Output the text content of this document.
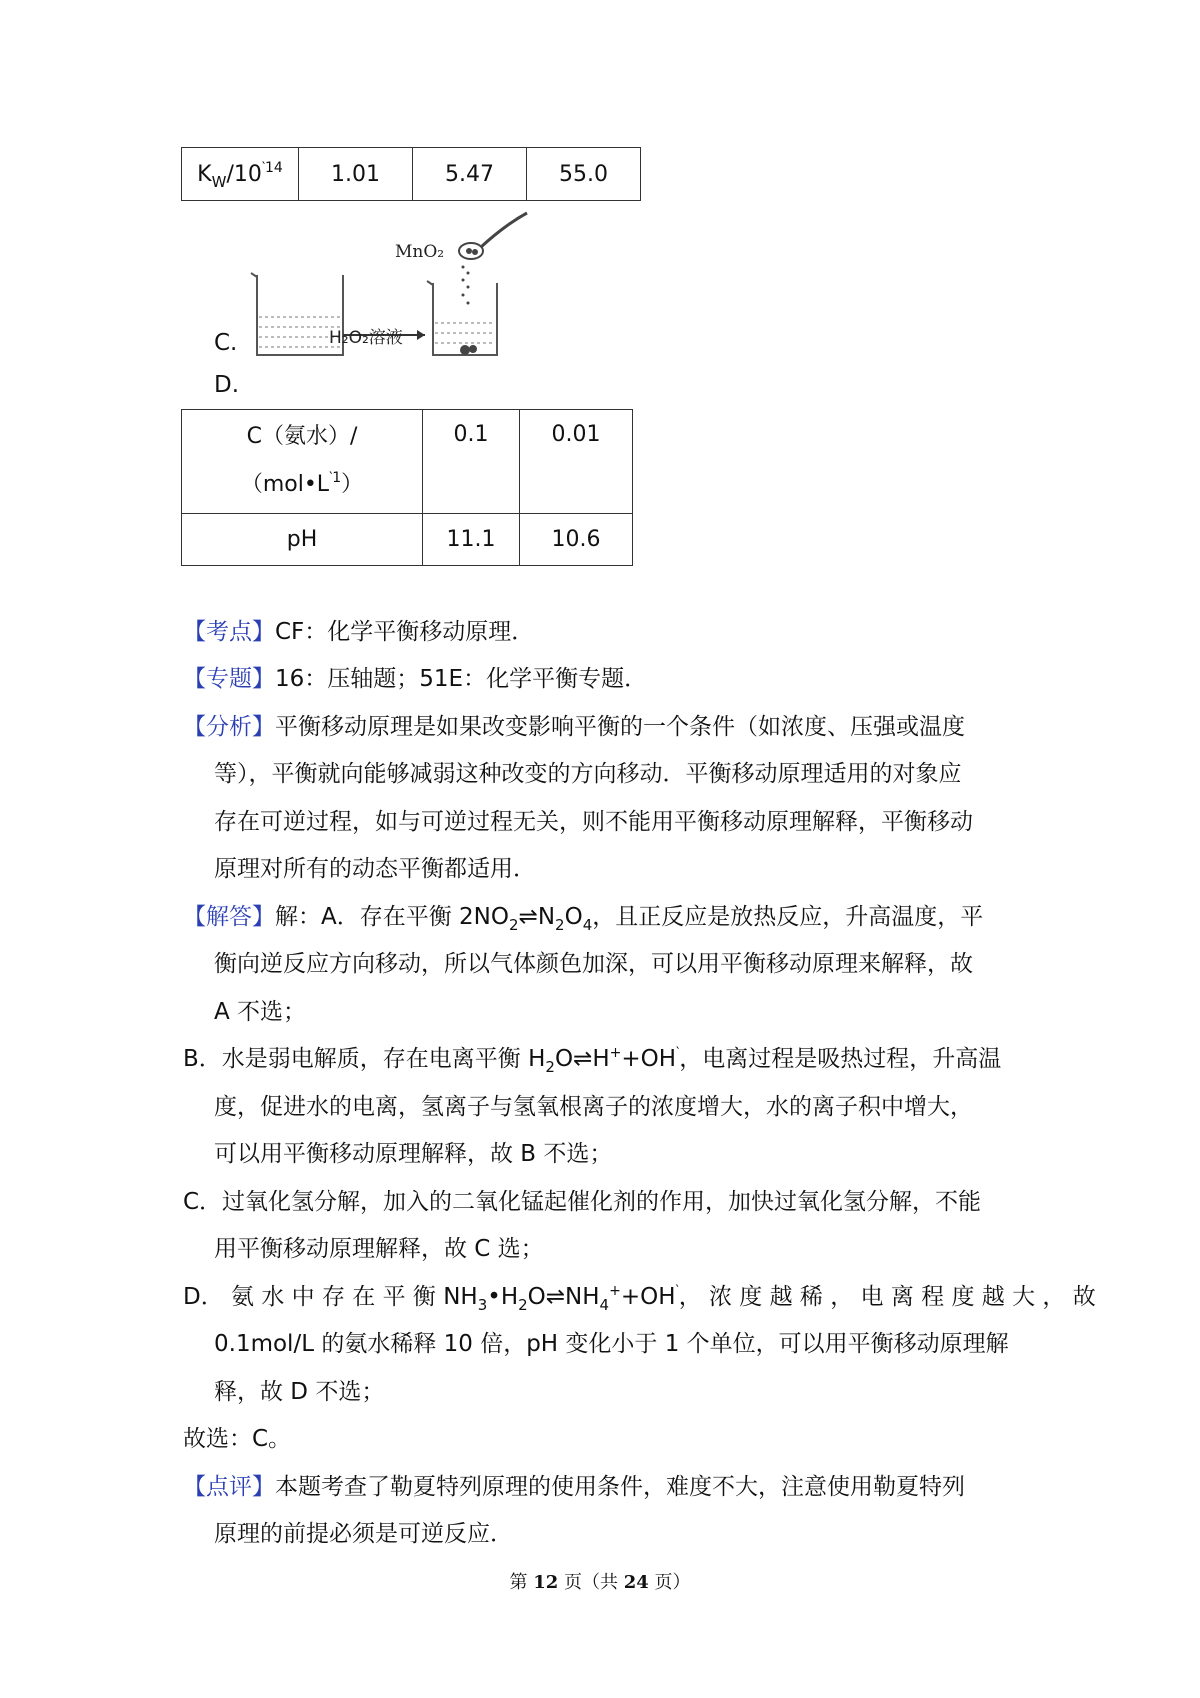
$K_W/10^{‵14}$	1.01	5.47	55.0
H₂O₂溶液
MnO₂
C.
D.
C（氨水）/
$(mol•L^{‵1})$	0.1	0.01
pH	11.1	10.6
【考点】CF：化学平衡移动原理．
【专题】16：压轴题；51E：化学平衡专题．
【分析】平衡移动原理是如果改变影响平衡的一个条件（如浓度、压强或温度
等），平衡就向能够减弱这种改变的方向移动．平衡移动原理适用的对象应
存在可逆过程，如与可逆过程无关，则不能用平衡移动原理解释，平衡移动
原理对所有的动态平衡都适用．
【解答】解：A．存在平衡 $2NO_2\rightleftharpoons N_2O_4$，且正反应是放热反应，升高温度，平
衡向逆反应方向移动，所以气体颜色加深，可以用平衡移动原理来解释，故
A 不选；
B．水是弱电解质，存在电离平衡 $H_2O\rightleftharpoons H^++OH^‵$，电离过程是吸热过程，升高温
度，促进水的电离，氢离子与氢氧根离子的浓度增大，水的离子积中增大，
可以用平衡移动原理解释，故 B 不选；
C．过氧化氢分解，加入的二氧化锰起催化剂的作用，加快过氧化氢分解，不能
用平衡移动原理解释，故 C 选；
D． 氨 水 中 存 在 平 衡 $NH_3•H_2O\rightleftharpoons NH_4^++OH^‵$， 浓 度 越 稀 ， 电 离 程 度 越 大 ， 故
0.1mol/L 的氨水稀释 10 倍，pH 变化小于 1 个单位，可以用平衡移动原理解
释，故 D 不选；
故选：C。
【点评】本题考查了勒夏特列原理的使用条件，难度不大，注意使用勒夏特列
原理的前提必须是可逆反应．
第 12 页（共 24 页）
